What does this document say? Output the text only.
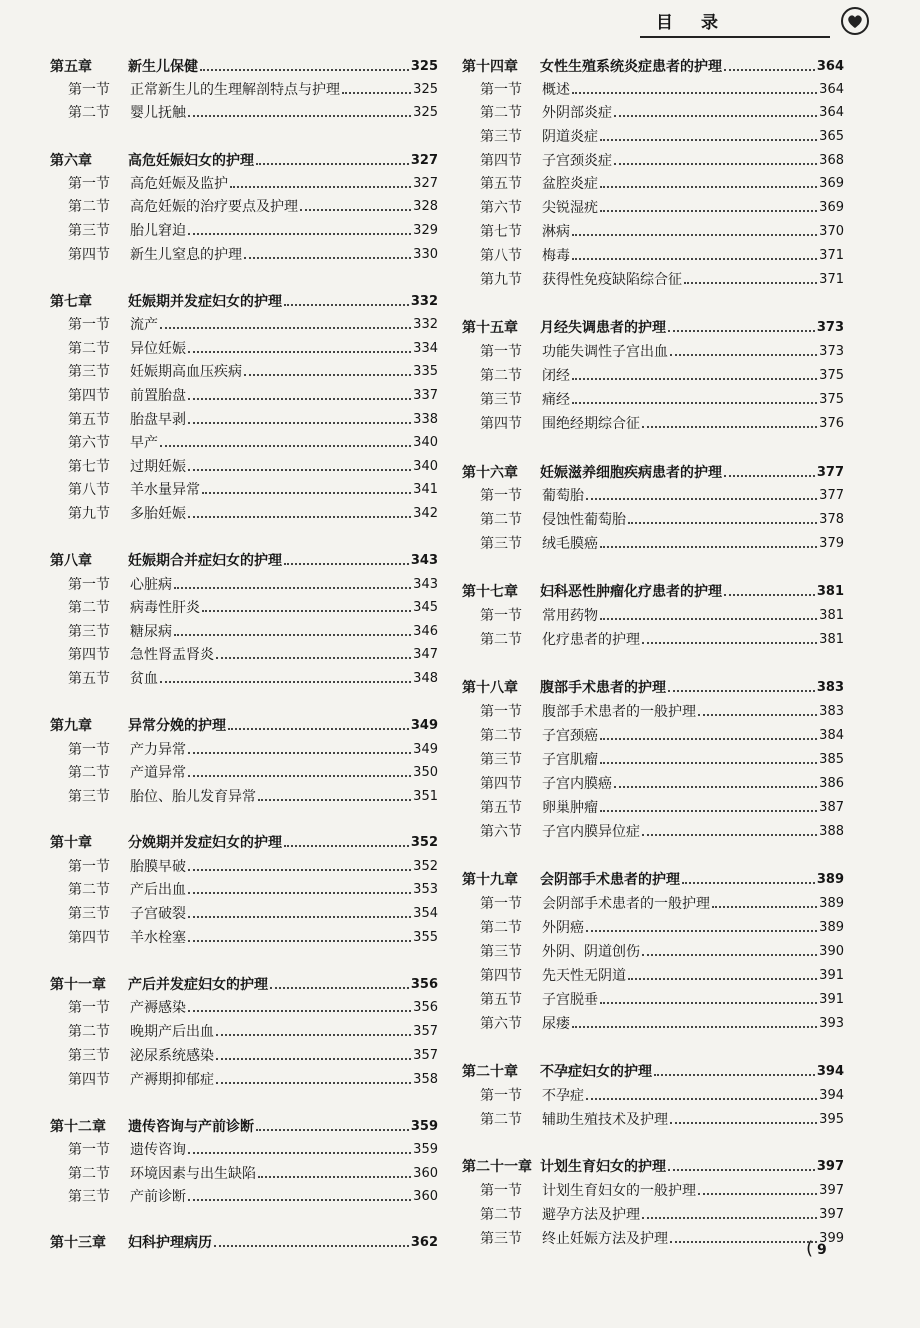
目录
第五章	新生儿保健	325
第一节	正常新生儿的生理解剖特点与护理	325
第二节	婴儿抚触	325
第六章	高危妊娠妇女的护理	327
第一节	高危妊娠及监护	327
第二节	高危妊娠的治疗要点及护理	328
第三节	胎儿窘迫	329
第四节	新生儿窒息的护理	330
第七章	妊娠期并发症妇女的护理	332
第一节	流产	332
第二节	异位妊娠	334
第三节	妊娠期高血压疾病	335
第四节	前置胎盘	337
第五节	胎盘早剥	338
第六节	早产	340
第七节	过期妊娠	340
第八节	羊水量异常	341
第九节	多胎妊娠	342
第八章	妊娠期合并症妇女的护理	343
第一节	心脏病	343
第二节	病毒性肝炎	345
第三节	糖尿病	346
第四节	急性肾盂肾炎	347
第五节	贫血	348
第九章	异常分娩的护理	349
第一节	产力异常	349
第二节	产道异常	350
第三节	胎位、胎儿发育异常	351
第十章	分娩期并发症妇女的护理	352
第一节	胎膜早破	352
第二节	产后出血	353
第三节	子宫破裂	354
第四节	羊水栓塞	355
第十一章	产后并发症妇女的护理	356
第一节	产褥感染	356
第二节	晚期产后出血	357
第三节	泌尿系统感染	357
第四节	产褥期抑郁症	358
第十二章	遗传咨询与产前诊断	359
第一节	遗传咨询	359
第二节	环境因素与出生缺陷	360
第三节	产前诊断	360
第十三章	妇科护理病历	362
第十四章	女性生殖系统炎症患者的护理	364
第一节	概述	364
第二节	外阴部炎症	364
第三节	阴道炎症	365
第四节	子宫颈炎症	368
第五节	盆腔炎症	369
第六节	尖锐湿疣	369
第七节	淋病	370
第八节	梅毒	371
第九节	获得性免疫缺陷综合征	371
第十五章	月经失调患者的护理	373
第一节	功能失调性子宫出血	373
第二节	闭经	375
第三节	痛经	375
第四节	围绝经期综合征	376
第十六章	妊娠滋养细胞疾病患者的护理	377
第一节	葡萄胎	377
第二节	侵蚀性葡萄胎	378
第三节	绒毛膜癌	379
第十七章	妇科恶性肿瘤化疗患者的护理	381
第一节	常用药物	381
第二节	化疗患者的护理	381
第十八章	腹部手术患者的护理	383
第一节	腹部手术患者的一般护理	383
第二节	子宫颈癌	384
第三节	子宫肌瘤	385
第四节	子宫内膜癌	386
第五节	卵巢肿瘤	387
第六节	子宫内膜异位症	388
第十九章	会阴部手术患者的护理	389
第一节	会阴部手术患者的一般护理	389
第二节	外阴癌	389
第三节	外阴、阴道创伤	390
第四节	先天性无阴道	391
第五节	子宫脱垂	391
第六节	尿瘘	393
第二十章	不孕症妇女的护理	394
第一节	不孕症	394
第二节	辅助生殖技术及护理	395
第二十一章 计划生育妇女的护理	397
第一节	计划生育妇女的一般护理	397
第二节	避孕方法及护理	397
第三节	终止妊娠方法及护理	399
( 9
